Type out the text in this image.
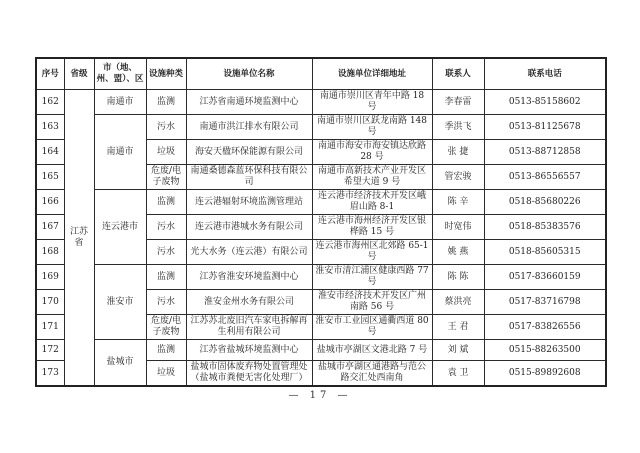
序号	省级	市（地、州、盟）、区	设施种类	设施单位名称	设施单位详细地址	联系人	联系电话
162	江苏省	南通市	监测	江苏省南通环境监测中心	南通市崇川区青年中路 18 号	李春雷	0513-85158602
163		南通市	污水	南通市洪江排水有限公司	南通市崇川区跃龙南路 148 号	季洪飞	0513-81125678
164			垃圾	海安天楹环保能源有限公司	南通市海安市海安镇达欣路 28 号	张 捷	0513-88712858
165			危废/电子废物	南通桑德森蓝环保科技有限公司	南通市高新技术产业开发区希望大道 9 号	管宏骏	0513-86556557
166		连云港市	监测	连云港辐射环境监测管理站	连云港市经济技术开发区峨眉山路 8-1	陈 辛	0518-85680226
167			污水	连云港市港城水务有限公司	连云港市海州经济开发区银桦路 15 号	时宽伟	0518-85383576
168			污水	光大水务（连云港）有限公司	连云港市海州区北郊路 65-1 号	姚 燕	0518-85605315
169		淮安市	监测	江苏省淮安环境监测中心	淮安市清江浦区健康西路 77 号	陈 陈	0517-83660159
170			污水	淮安金州水务有限公司	淮安市经济技术开发区广州南路 56 号	蔡洪亮	0517-83716798
171			危废/电子废物	江苏苏北废旧汽车家电拆解再生利用有限公司	淮安市工业园区通衢西道 80 号	王 君	0517-83826556
172		盐城市	监测	江苏省盐城环境监测中心	盐城市亭湖区文港北路 7 号	刘 斌	0515-88263500
173			垃圾	盐城市固体废弃物处置管理处（盐城市粪便无害化处理厂）	盐城市亭湖区通港路与范公路交汇处西南角	袁 卫	0515-89892608
— 17 —
